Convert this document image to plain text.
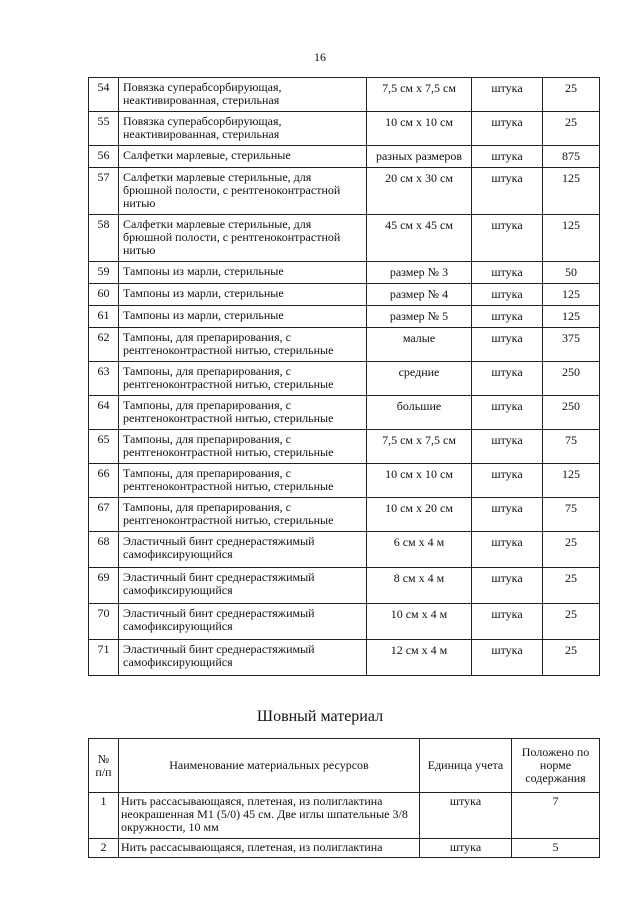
16
54	Повязка суперабсорбирующая, неактивированная, стерильная	7,5 см х 7,5 см	штука	25
55	Повязка суперабсорбирующая, неактивированная, стерильная	10 см х 10 см	штука	25
56	Салфетки марлевые, стерильные	разных размеров	штука	875
57	Салфетки марлевые стерильные, для брюшной полости, с рентгеноконтрастной нитью	20 см х 30 см	штука	125
58	Салфетки марлевые стерильные, для брюшной полости, с рентгеноконтрастной нитью	45 см х 45 см	штука	125
59	Тампоны из марли, стерильные	размер № 3	штука	50
60	Тампоны из марли, стерильные	размер № 4	штука	125
61	Тампоны из марли, стерильные	размер № 5	штука	125
62	Тампоны, для препарирования, с рентгеноконтрастной нитью, стерильные	малые	штука	375
63	Тампоны, для препарирования, с рентгеноконтрастной нитью, стерильные	средние	штука	250
64	Тампоны, для препарирования, с рентгеноконтрастной нитью, стерильные	большие	штука	250
65	Тампоны, для препарирования, с рентгеноконтрастной нитью, стерильные	7,5 см х 7,5 см	штука	75
66	Тампоны, для препарирования, с рентгеноконтрастной нитью, стерильные	10 см х 10 см	штука	125
67	Тампоны, для препарирования, с рентгеноконтрастной нитью, стерильные	10 см х 20 см	штука	75
68	Эластичный бинт среднерастяжимый самофиксирующийся	6 см х 4 м	штука	25
69	Эластичный бинт среднерастяжимый самофиксирующийся	8 см х 4 м	штука	25
70	Эластичный бинт среднерастяжимый самофиксирующийся	10 см х 4 м	штука	25
71	Эластичный бинт среднерастяжимый самофиксирующийся	12 см х 4 м	штука	25
Шовный материал
№ п/п	Наименование материальных ресурсов	Единица учета	Положено по норме содержания
1	Нить рассасывающаяся, плетеная, из полиглактина неокрашенная М1 (5/0) 45 см. Две иглы шпательные 3/8 окружности, 10 мм	штука	7
2	Нить рассасывающаяся, плетеная, из полиглактина	штука	5
